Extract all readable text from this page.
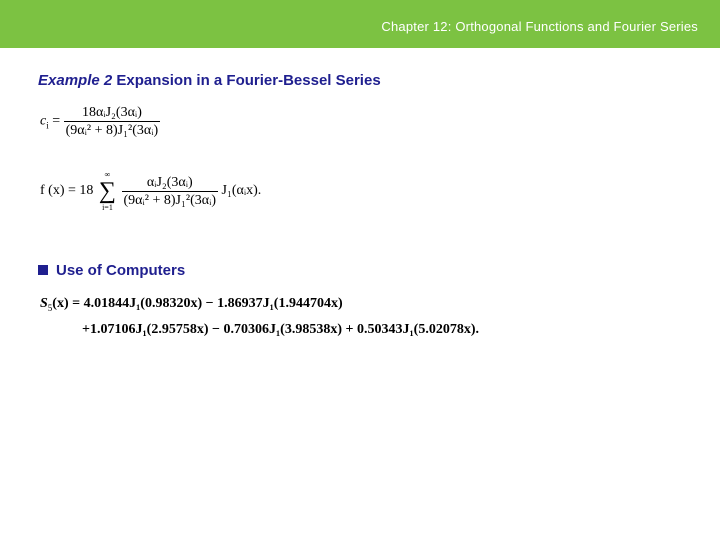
Chapter 12: Orthogonal Functions and Fourier Series
Example 2 Expansion in a Fourier-Bessel Series
$c_i = \frac{\text{18αᵢJ₂(3αᵢ)}}{\text{(9αᵢ² + 8)J₁²(3αᵢ)}}$
f (x) = 18
∞
∑
i=1
$\frac{\text{αᵢJ₂(3αᵢ)}}{\text{(9αᵢ² + 8)J₁²(3αᵢ)}}$ J₁(αᵢx).
Use of Computers
$S_5(x) = 4.01844J_1(0.98320x) - 1.86937J_1(1.944704x)$
+1.07106J₁(2.95758x) − 0.70306J₁(3.98538x) + 0.50343J₁(5.02078x).
